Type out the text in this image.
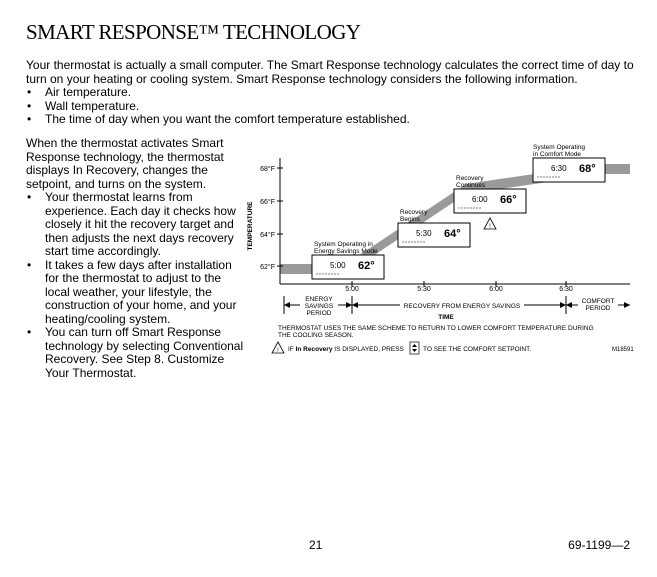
SMART RESPONSE™ TECHNOLOGY

Your thermostat is actually a small computer. The Smart Response technology calculates the correct time of day to turn on your heating or cooling system. Smart Response technology considers the following information.

• Air temperature.
• Wall temperature.
• The time of day when you want the comfort temperature established.

When the thermostat activates Smart Response technology, the thermostat displays In Recovery, changes the setpoint, and turns on the system.

• Your thermostat learns from experience. Each day it checks how closely it hit the recovery target and then adjusts the next days recovery start time accordingly.
• It takes a few days after installation for the thermostat to adjust to the local weather, your lifestyle, the construction of your home, and your heating/cooling system.
• You can turn off Smart Response technology by selecting Conventional Recovery. See Step 8. Customize Your Thermostat.
68°F
66°F
64°F
62°F
TEMPERATURE
5:00	5:30	6:00	6:30
System Operating in
Energy Savings Mode
5:00 62°
Recovery
Begins
5:30 64°
Recovery
Continues
6:00 66°
!
System Operating
in Comfort Mode
6:30 68°
ENERGY
SAVINGS
PERIOD
RECOVERY FROM ENERGY SAVINGS
COMFORT
PERIOD
TIME
THERMOSTAT USES THE SAME SCHEME TO RETURN TO LOWER COMFORT TEMPERATURE DURING
THE COOLING SEASON.
! IF In Recovery IS DISPLAYED, PRESS	TO SEE THE COMFORT SETPOINT.	M18591
21	69-1199—2
